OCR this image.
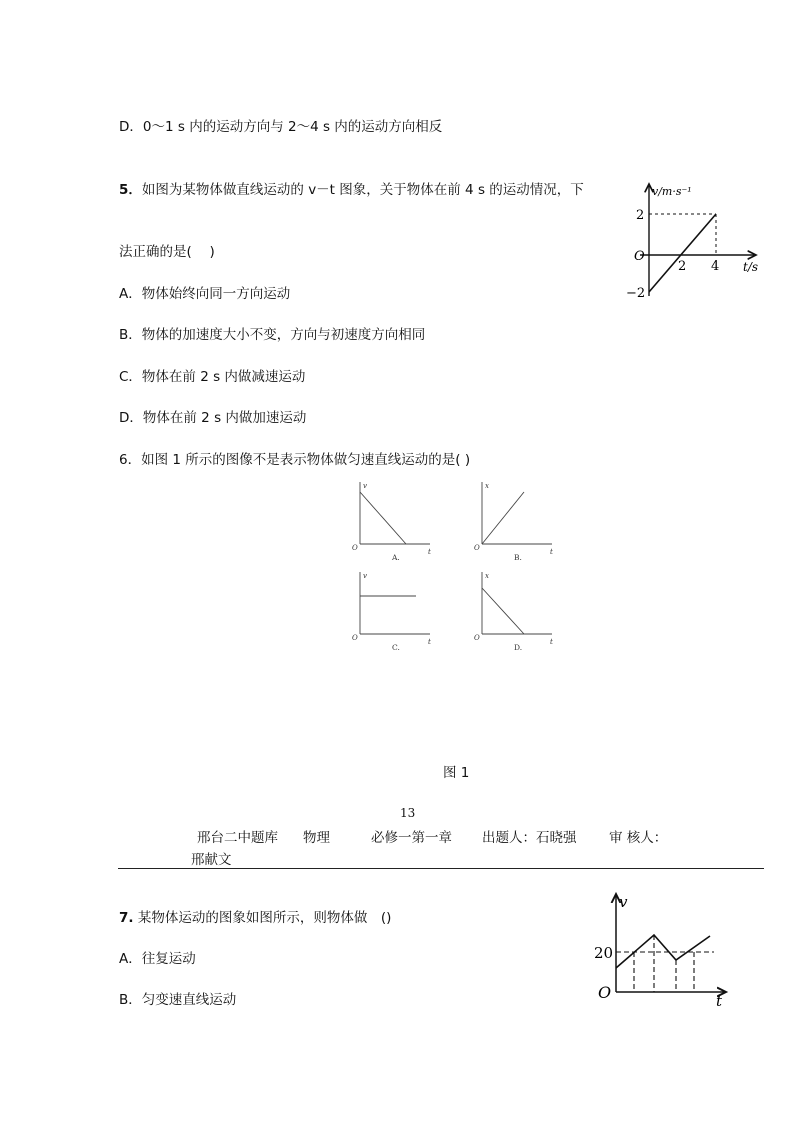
D．0～1 s 内的运动方向与 2～4 s 内的运动方向相反
5．如图为某物体做直线运动的 v－t 图象，关于物体在前 4 s 的运动情况，下
法正确的是(　 )
A．物体始终向同一方向运动
B．物体的加速度大小不变，方向与初速度方向相同
C．物体在前 2 s 内做减速运动
D．物体在前 2 s 内做加速运动
v/m·s⁻¹
t/s
O
2
−2
2 4
6．如图 1 所示的图像不是表示物体做匀速直线运动的是( )
v
t
O
x
t
O
v
t
O
x
t
O
A.	B.
C.	D.
图 1
13
邢台二中题库 物理	必修一第一章 出题人：石晓强 审 核人：
邢献文
7. 某物体运动的图象如图所示，则物体做　()
A．往复运动
B．匀变速直线运动
v
t
O
20
